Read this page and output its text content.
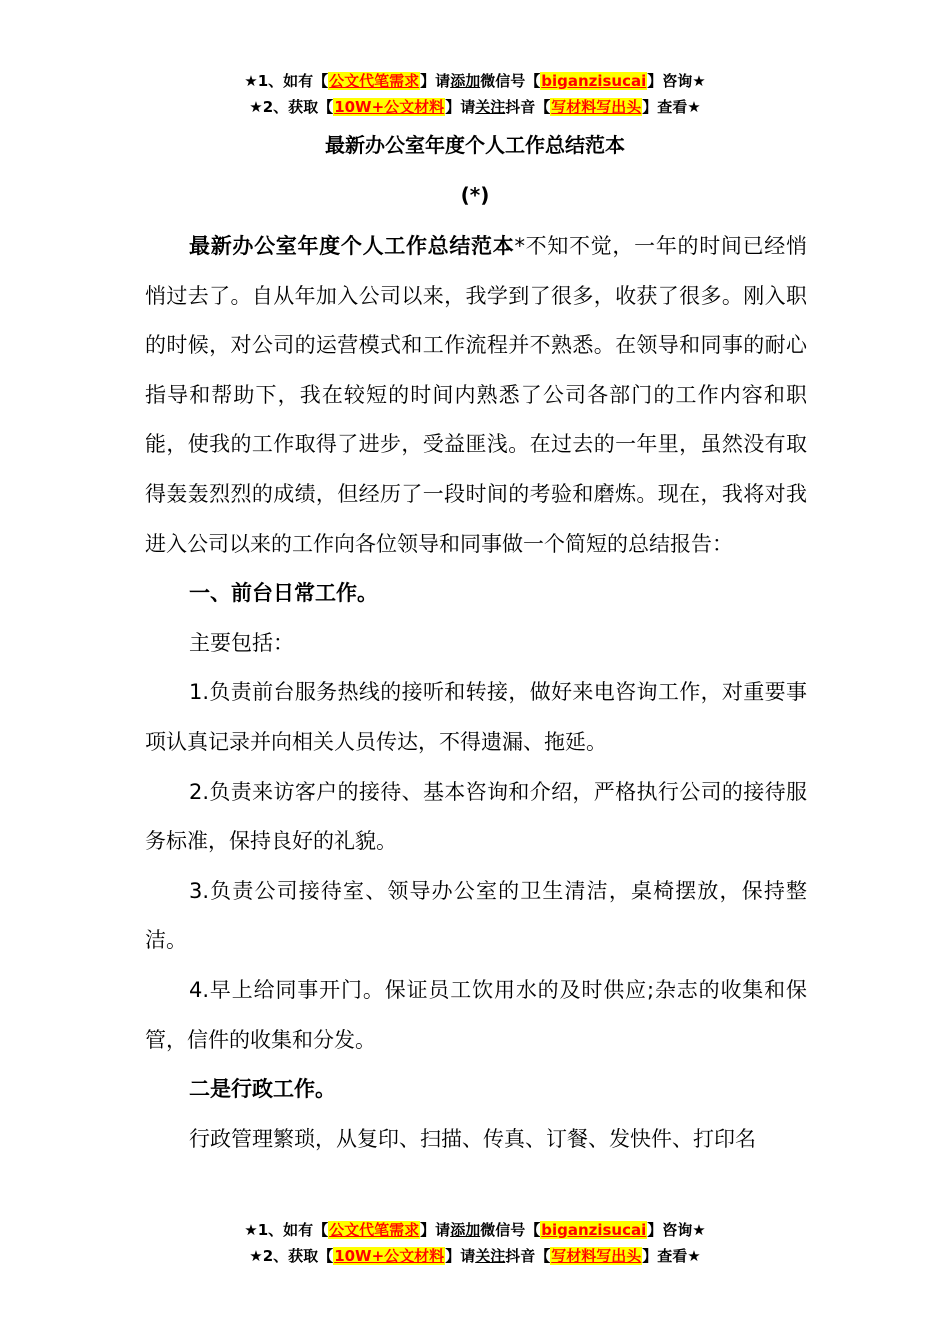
★1、如有【公文代笔需求】请添加微信号【biganzisucai】咨询★
★2、获取【10W+公文材料】请关注抖音【写材料写出头】查看★
最新办公室年度个人工作总结范本
(*)

最新办公室年度个人工作总结范本*不知不觉，一年的时间已经悄悄过去了。自从年加入公司以来，我学到了很多，收获了很多。刚入职的时候，对公司的运营模式和工作流程并不熟悉。在领导和同事的耐心指导和帮助下，我在较短的时间内熟悉了公司各部门的工作内容和职能，使我的工作取得了进步，受益匪浅。在过去的一年里，虽然没有取得轰轰烈烈的成绩，但经历了一段时间的考验和磨炼。现在，我将对我进入公司以来的工作向各位领导和同事做一个简短的总结报告：

一、前台日常工作。

主要包括：

1.负责前台服务热线的接听和转接，做好来电咨询工作，对重要事项认真记录并向相关人员传达，不得遗漏、拖延。

2.负责来访客户的接待、基本咨询和介绍，严格执行公司的接待服务标准，保持良好的礼貌。

3.负责公司接待室、领导办公室的卫生清洁，桌椅摆放，保持整洁。

4.早上给同事开门。保证员工饮用水的及时供应;杂志的收集和保管，信件的收集和分发。

二是行政工作。

行政管理繁琐，从复印、扫描、传真、订餐、发快件、打印名

★1、如有【公文代笔需求】请添加微信号【biganzisucai】咨询★
★2、获取【10W+公文材料】请关注抖音【写材料写出头】查看★
